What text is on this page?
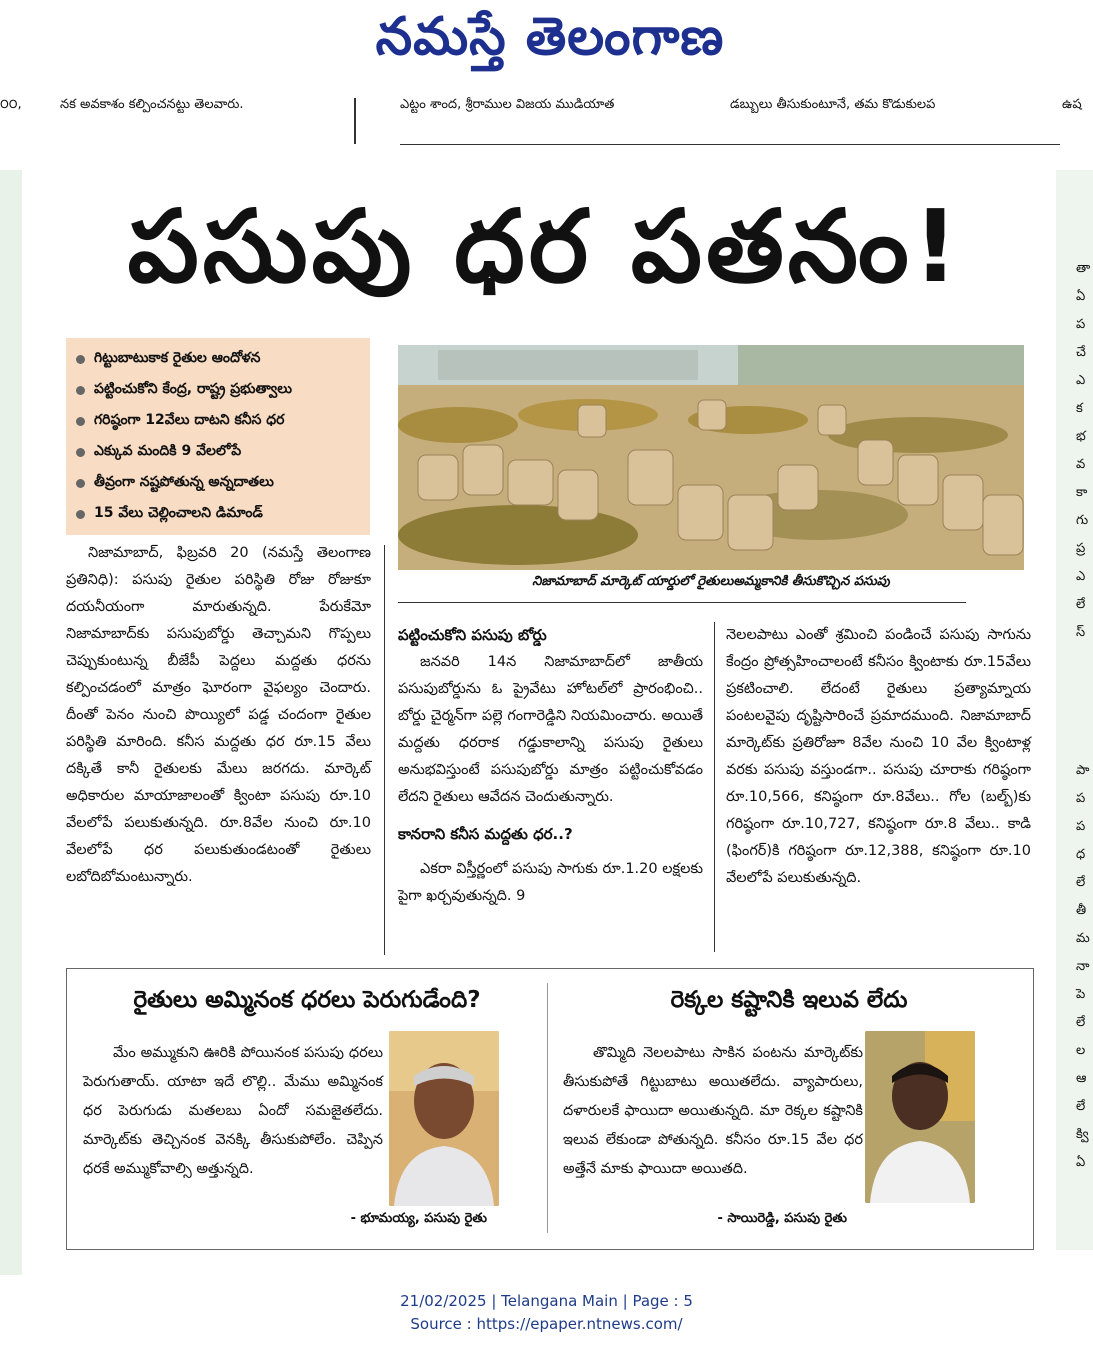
నమస్తే తెలంగాణ
౦౦,	నక అవకాశం కల్పించనట్టు తెలవారు.	ఎట్టం శాంద, శ్రీరాముల విజయ ముడియాత	డబ్బులు తీసుకుంటూనే, తమ కొడుకులప	ఉష
తా
ఏ
ప
చే
ఎ
క
భ
వ
కా
గు
ప్ర
ఎ
లే
స్
పా
ప
ప
ధ
లే
తీ
మ
నా
పె
లే
ల
ఆ
లే
క్వి
ఏ
పసుపు ధర పతనం!
గిట్టుబాటుకాక రైతుల ఆందోళన
పట్టించుకోని కేంద్ర, రాష్ట్ర ప్రభుత్వాలు
గరిష్ఠంగా 12వేలు దాటని కనీస ధర
ఎక్కువ మందికి 9 వేలలోపే
తీవ్రంగా నష్టపోతున్న అన్నదాతలు
15 వేలు చెల్లించాలని డిమాండ్
నిజామాబాద్ మార్కెట్ యార్డులో రైతులుఅమ్మకానికి తీసుకొచ్చిన పసుపు

నిజామాబాద్, ఫిబ్రవరి 20 (నమస్తే తెలంగాణ ప్రతినిధి): పసుపు రైతుల పరిస్థితి రోజు రోజుకూ దయనీయంగా మారుతున్నది. పేరుకేమో నిజామాబాద్‌కు పసుపుబోర్డు తెచ్చామని గొప్పలు చెప్పుకుంటున్న బీజేపీ పెద్దలు మద్దతు ధరను కల్పించడంలో మాత్రం ఘోరంగా వైఫల్యం చెందారు. దీంతో పెనం నుంచి పొయ్యిలో పడ్డ చందంగా రైతుల పరిస్థితి మారింది. కనీస మద్దతు ధర రూ.15 వేలు దక్కితే కానీ రైతులకు మేలు జరగదు. మార్కెట్ అధికారుల మాయాజాలంతో క్వింటా పసుపు రూ.10 వేలలోపే పలుకుతున్నది. రూ.8వేల నుంచి రూ.10 వేలలోపే ధర పలుకుతుండటంతో రైతులు లబోదిబోమంటున్నారు.

పట్టించుకోని పసుపు బోర్డు

జనవరి 14న నిజామాబాద్‌లో జాతీయ పసుపుబోర్డును ఓ ప్రైవేటు హోటల్‌లో ప్రారంభించి.. బోర్డు చైర్మన్‌గా పల్లె గంగారెడ్డిని నియమించారు. అయితే మద్దతు ధరరాక గడ్డుకాలాన్ని పసుపు రైతులు అనుభవిస్తుంటే పసుపుబోర్డు మాత్రం పట్టించుకోవడం లేదని రైతులు ఆవేదన చెందుతున్నారు.

కానరాని కనీస మద్దతు ధర..?

ఎకరా విస్తీర్ణంలో పసుపు సాగుకు రూ.1.20 లక్షలకు పైగా ఖర్చవుతున్నది. 9

నెలలపాటు ఎంతో శ్రమించి పండించే పసుపు సాగును కేంద్రం ప్రోత్సహించాలంటే కనీసం క్వింటాకు రూ.15వేలు ప్రకటించాలి. లేదంటే రైతులు ప్రత్యామ్నాయ పంటలవైపు దృష్టిసారించే ప్రమాదముంది. నిజామాబాద్ మార్కెట్‌కు ప్రతిరోజూ 8వేల నుంచి 10 వేల క్వింటాళ్ల వరకు పసుపు వస్తుండగా.. పసుపు చూరాకు గరిష్ఠంగా రూ.10,566, కనిష్ఠంగా రూ.8వేలు.. గోల (బల్బ్)కు గరిష్ఠంగా రూ.10,727, కనిష్ఠంగా రూ.8 వేలు.. కాడి (ఫింగర్)కి గరిష్ఠంగా రూ.12,388, కనిష్ఠంగా రూ.10 వేలలోపే పలుకుతున్నది.

రైతులు అమ్మినంక ధరలు పెరుగుడేంది?
మేం అమ్ముకుని ఊరికి పోయినంక పసుపు ధరలు పెరుగుతాయ్. యాటా ఇదే లొల్లి.. మేము అమ్మినంక ధర పెరుగుడు మతలబు ఏందో సమజైతలేదు. మార్కెట్‌కు తెచ్చినంక వెనక్కి తీసుకుపోలేం. చెప్పిన ధరకే అమ్ముకోవాల్సి అత్తున్నది.
- భూమయ్య, పసుపు రైతు
రెక్కల కష్టానికి ఇలువ లేదు
తొమ్మిది నెలలపాటు సాకిన పంటను మార్కెట్‌కు తీసుకుపోతే గిట్టుబాటు అయితలేదు. వ్యాపారులు, దళారులకే ఫాయిదా అయితున్నది. మా రెక్కల కష్టానికి ఇలువ లేకుండా పోతున్నది. కనీసం రూ.15 వేల ధర అత్తేనే మాకు ఫాయిదా అయితది.
- సాయిరెడ్డి, పసుపు రైతు
21/02/2025 | Telangana Main | Page : 5
Source : https://epaper.ntnews.com/
